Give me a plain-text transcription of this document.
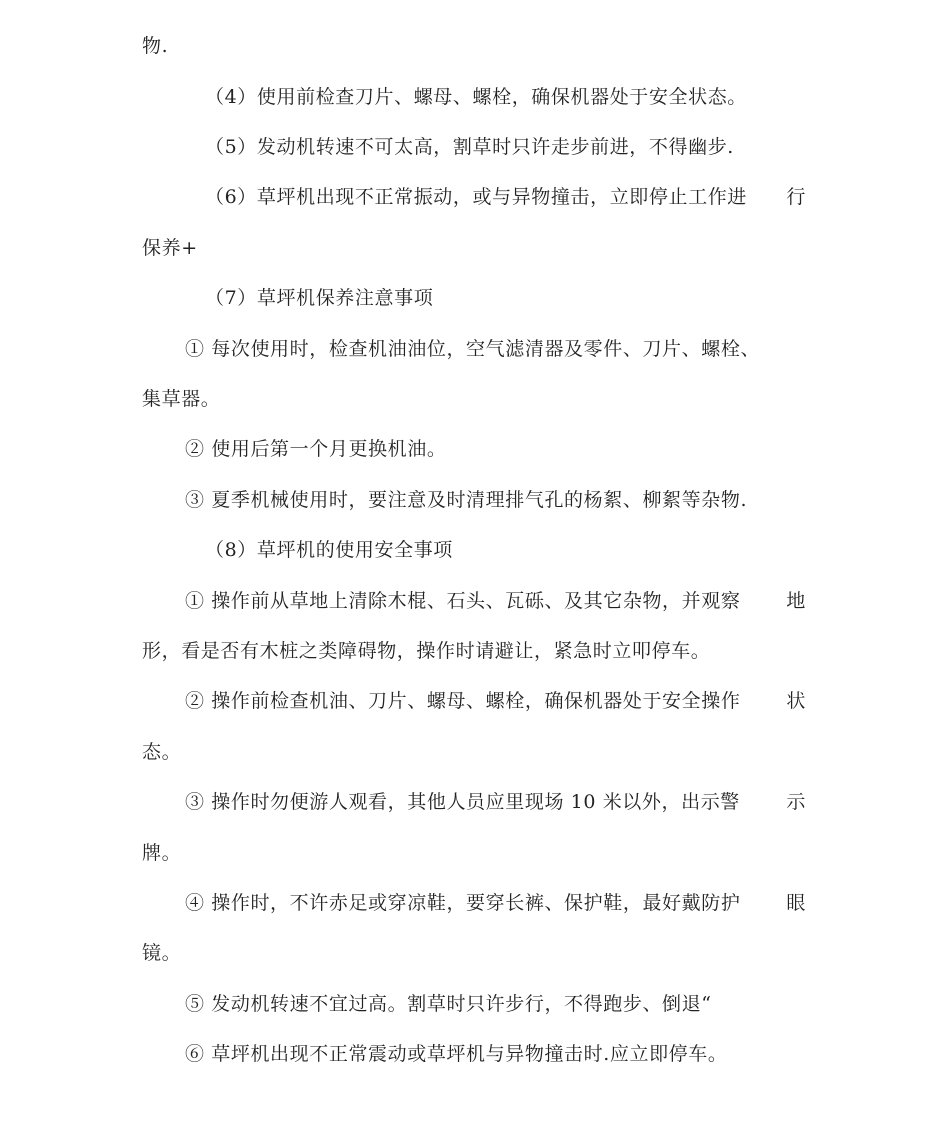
物.
（4）使用前检查刀片、螺母、螺栓，确保机器处于安全状态。
（5）发动机转速不可太高，割草时只许走步前进，不得幽步.
（6）草坪机出现不正常振动，或与异物撞击，立即停止工作进 行
保养+
（7）草坪机保养注意事项
① 每次使用时，检查机油油位，空气滤清器及零件、刀片、螺栓、
集草器。
② 使用后第一个月更换机油。
③ 夏季机械使用时，要注意及时清理排气孔的杨絮、柳絮等杂物.
（8）草坪机的使用安全事项
① 操作前从草地上清除木棍、石头、瓦砾、及其它杂物，并观察 地
形，看是否有木桩之类障碍物，操作时请避让，紧急时立叩停车。
② 操作前检查机油、刀片、螺母、螺栓，确保机器处于安全操作 状
态。
③ 操作时勿便游人观看，其他人员应里现场 10 米以外，出示警 示
牌。
④ 操作时，不许赤足或穿凉鞋，要穿长裤、保护鞋，最好戴防护 眼
镜。
⑤ 发动机转速不宜过高。割草时只许步行，不得跑步、倒退“
⑥ 草坪机出现不正常震动或草坪机与异物撞击时.应立即停车。
